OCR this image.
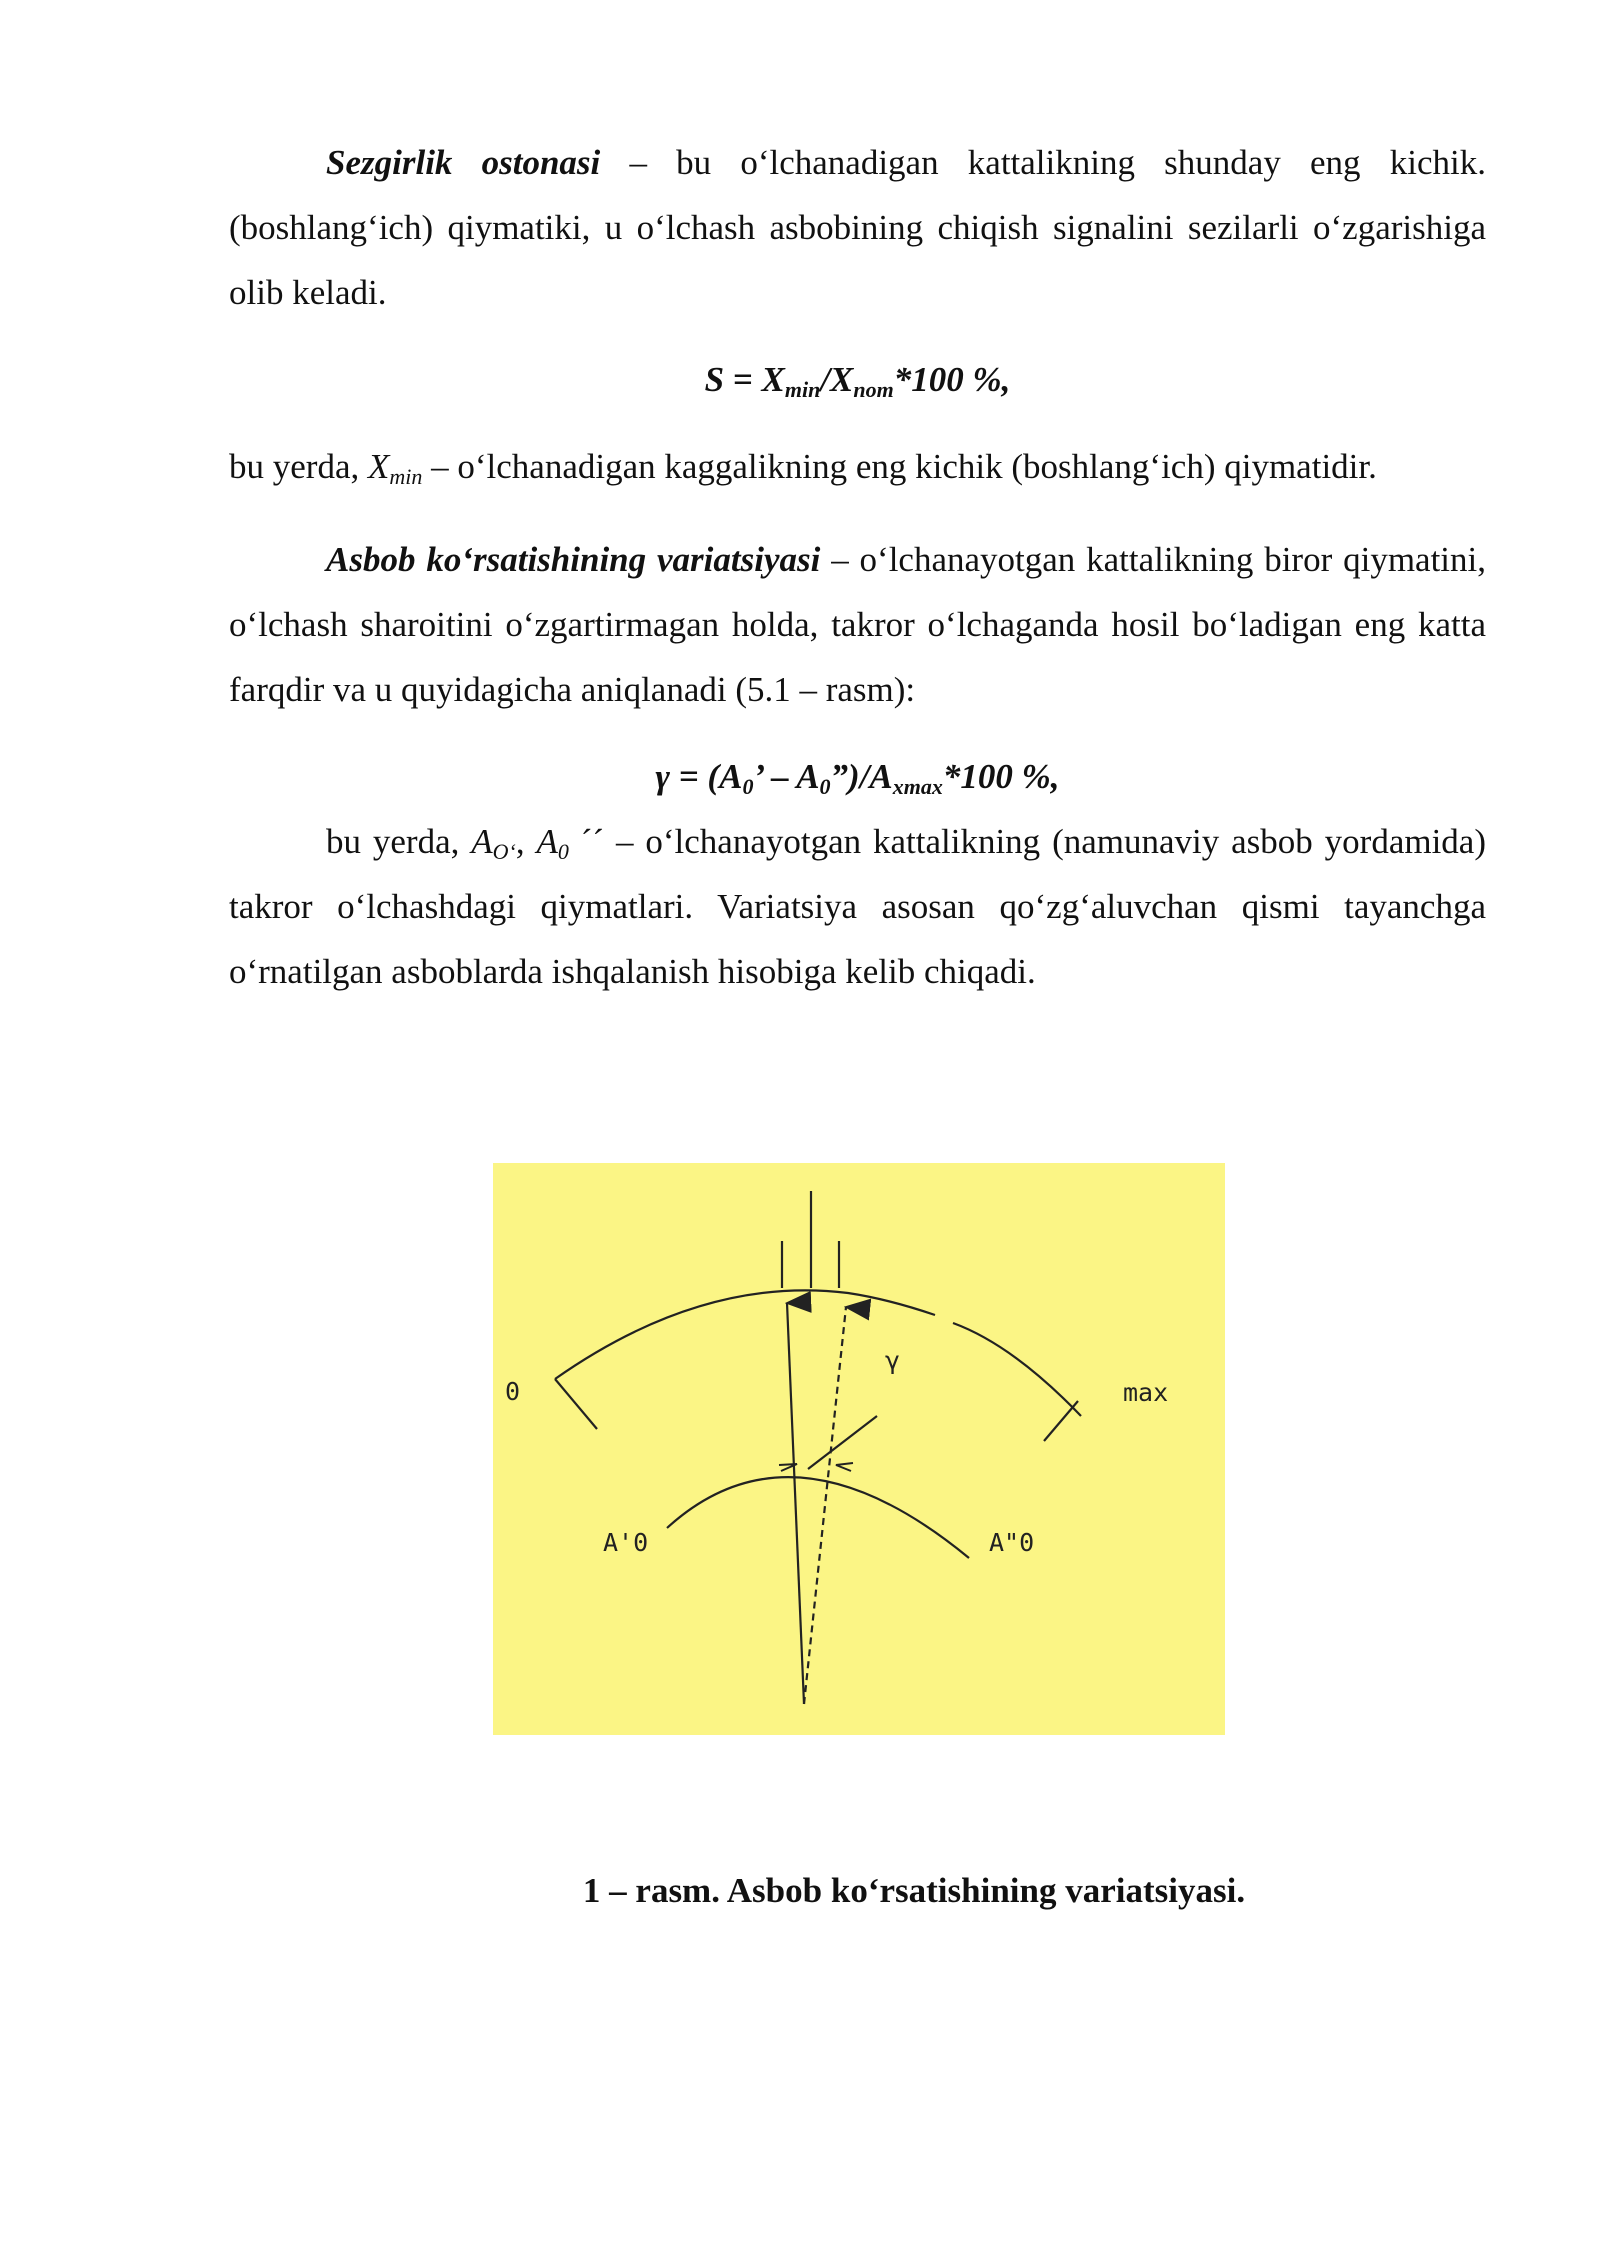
Sezgirlik ostonasi – bu o‘lchanadigan kattalikning shunday eng kichik. (boshlang‘ich) qiymatiki, u o‘lchash asbobining chiqish signalini sezilarli o‘zgarishiga olib keladi.

$S = X_{min}/X_{nom}*100$ %,

bu yerda, $X_{min}$ – o‘lchanadigan kaggalikning eng kichik (boshlang‘ich) qiymatidir.

Asbob ko‘rsatishining variatsiyasi – o‘lchanayotgan kattalikning biror qiymatini, o‘lchash sharoitini o‘zgartirmagan holda, takror o‘lchaganda hosil bo‘ladigan eng katta farqdir va u quyidagicha aniqlanadi (5.1 – rasm):

$\gamma = (A_0$’ – $A_0”)/A_{xmax}*100$ %,

bu yerda, $A_{O‘}$, $A_0$ ´´ – o‘lchanayotgan kattalikning (namunaviy asbob yordamida) takror o‘lchashdagi qiymatlari. Variatsiya asosan qo‘zg‘aluvchan qismi tayanchga o‘rnatilgan asboblarda ishqalanish hisobiga kelib chiqadi.

0	max
γ
A'0	A"0
1 – rasm. Asbob ko‘rsatishining variatsiyasi.
